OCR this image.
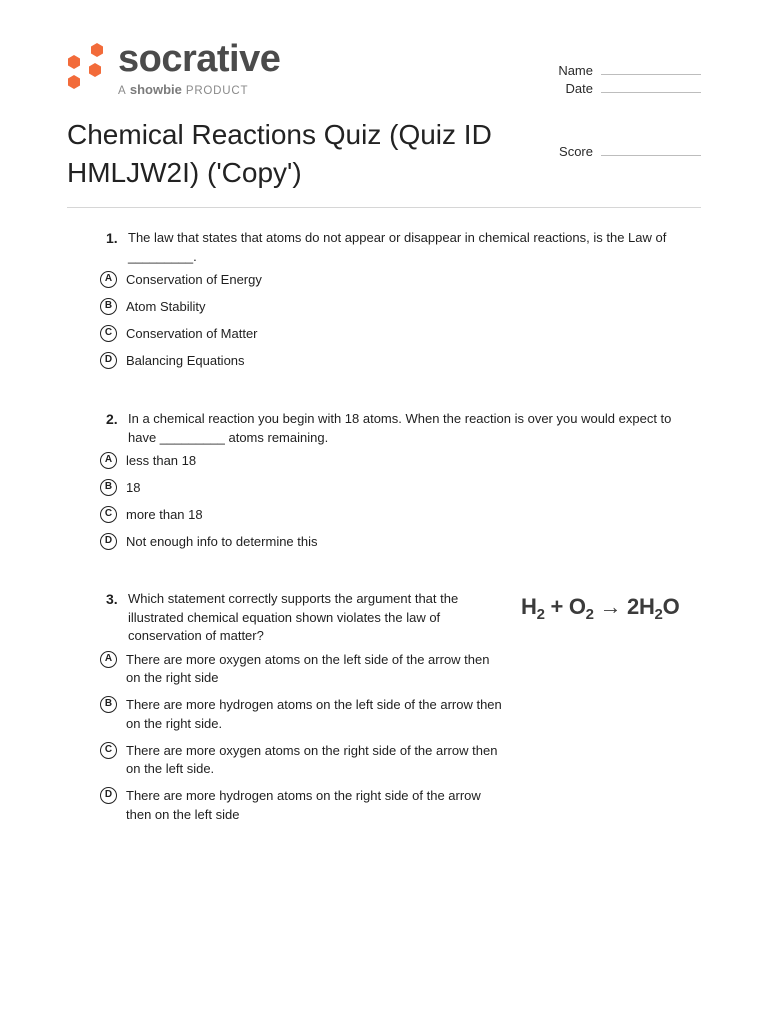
socrative
A showbie PRODUCT
Name
Date
Score
Chemical Reactions Quiz (Quiz ID HMLJW2I) ('Copy')
1. The law that states that atoms do not appear or disappear in chemical reactions, is the Law of _________.
A	Conservation of Energy
B	Atom Stability
C	Conservation of Matter
D	Balancing Equations
2. In a chemical reaction you begin with 18 atoms. When the reaction is over you would expect to have _________ atoms remaining.
A	less than 18
B	18
C	more than 18
D	Not enough info to determine this
3. Which statement correctly supports the argument that the illustrated chemical equation shown violates the law of conservation of matter?
A	There are more oxygen atoms on the left side of the arrow then on the right side
B	There are more hydrogen atoms on the left side of the arrow then on the right side.
C	There are more oxygen atoms on the right side of the arrow then on the left side.
D	There are more hydrogen atoms on the right side of the arrow then on the left side
$H_2 + O_2 \to 2H_2O$
